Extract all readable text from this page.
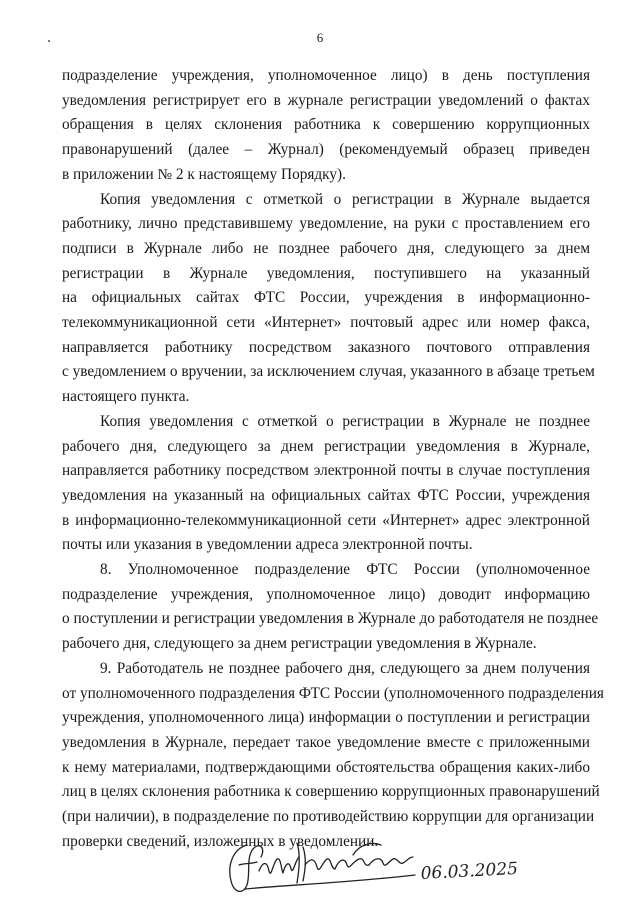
6
подразделение учреждения, уполномоченное лицо) в день поступления
уведомления регистрирует его в журнале регистрации уведомлений о фактах
обращения в целях склонения работника к совершению коррупционных
правонарушений (далее – Журнал) (рекомендуемый образец приведен
в приложении № 2 к настоящему Порядку).
Копия уведомления с отметкой о регистрации в Журнале выдается
работнику, лично представившему уведомление, на руки с проставлением его
подписи в Журнале либо не позднее рабочего дня, следующего за днем
регистрации в Журнале уведомления, поступившего на указанный
на официальных сайтах ФТС России, учреждения в информационно-
телекоммуникационной сети «Интернет» почтовый адрес или номер факса,
направляется работнику посредством заказного почтового отправления
с уведомлением о вручении, за исключением случая, указанного в абзаце третьем
настоящего пункта.
Копия уведомления с отметкой о регистрации в Журнале не позднее
рабочего дня, следующего за днем регистрации уведомления в Журнале,
направляется работнику посредством электронной почты в случае поступления
уведомления на указанный на официальных сайтах ФТС России, учреждения
в информационно-телекоммуникационной сети «Интернет» адрес электронной
почты или указания в уведомлении адреса электронной почты.
8. Уполномоченное подразделение ФТС России (уполномоченное
подразделение учреждения, уполномоченное лицо) доводит информацию
о поступлении и регистрации уведомления в Журнале до работодателя не позднее
рабочего дня, следующего за днем регистрации уведомления в Журнале.
9. Работодатель не позднее рабочего дня, следующего за днем получения
от уполномоченного подразделения ФТС России (уполномоченного подразделения
учреждения, уполномоченного лица) информации о поступлении и регистрации
уведомления в Журнале, передает такое уведомление вместе с приложенными
к нему материалами, подтверждающими обстоятельства обращения каких-либо
лиц в целях склонения работника к совершению коррупционных правонарушений
(при наличии), в подразделение по противодействию коррупции для организации
проверки сведений, изложенных в уведомлении.
06.03.2025
